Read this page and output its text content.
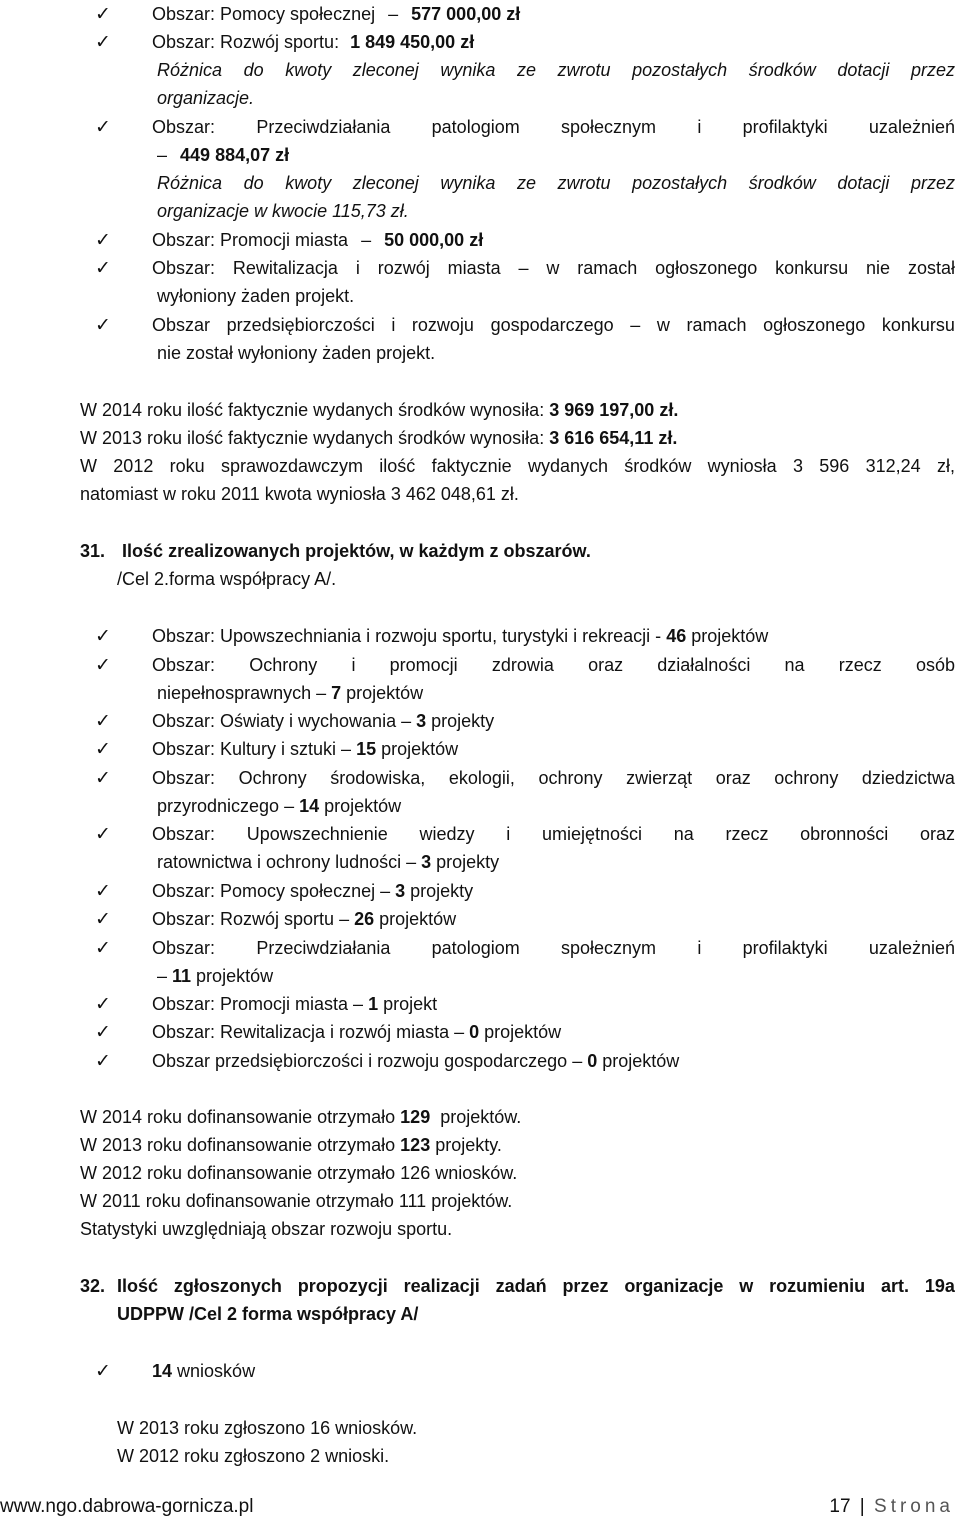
✓ Obszar: Pomocy społecznej – 577 000,00 zł
✓ Obszar: Rozwój sportu: 1 849 450,00 zł
Różnica do kwoty zleconej wynika ze zwrotu pozostałych środków dotacji przez
organizacje.
✓ Obszar: Przeciwdziałania patologiom społecznym i profilaktyki uzależnień
– 449 884,07 zł
Różnica do kwoty zleconej wynika ze zwrotu pozostałych środków dotacji przez
organizacje w kwocie 115,73 zł.
✓ Obszar: Promocji miasta – 50 000,00 zł
✓ Obszar: Rewitalizacja i rozwój miasta – w ramach ogłoszonego konkursu nie został
wyłoniony żaden projekt.
✓ Obszar przedsiębiorczości i rozwoju gospodarczego – w ramach ogłoszonego konkursu
nie został wyłoniony żaden projekt.
W 2014 roku ilość faktycznie wydanych środków wynosiła: 3 969 197,00 zł.
W 2013 roku ilość faktycznie wydanych środków wynosiła: 3 616 654,11 zł.
W 2012 roku sprawozdawczym ilość faktycznie wydanych środków wyniosła 3 596 312,24 zł,
natomiast w roku 2011 kwota wyniosła 3 462 048,61 zł.
31. Ilość zrealizowanych projektów, w każdym z obszarów.
/Cel 2.forma współpracy A/.
✓ Obszar: Upowszechniania i rozwoju sportu, turystyki i rekreacji - 46 projektów
✓ Obszar: Ochrony i promocji zdrowia oraz działalności na rzecz osób
niepełnosprawnych – 7 projektów
✓ Obszar: Oświaty i wychowania – 3 projekty
✓ Obszar: Kultury i sztuki – 15 projektów
✓ Obszar: Ochrony środowiska, ekologii, ochrony zwierząt oraz ochrony dziedzictwa
przyrodniczego – 14 projektów
✓ Obszar: Upowszechnienie wiedzy i umiejętności na rzecz obronności oraz
ratownictwa i ochrony ludności – 3 projekty
✓ Obszar: Pomocy społecznej – 3 projekty
✓ Obszar: Rozwój sportu – 26 projektów
✓ Obszar: Przeciwdziałania patologiom społecznym i profilaktyki uzależnień
– 11 projektów
✓ Obszar: Promocji miasta – 1 projekt
✓ Obszar: Rewitalizacja i rozwój miasta – 0 projektów
✓ Obszar przedsiębiorczości i rozwoju gospodarczego – 0 projektów
W 2014 roku dofinansowanie otrzymało 129  projektów.
W 2013 roku dofinansowanie otrzymało 123 projekty.
W 2012 roku dofinansowanie otrzymało 126 wniosków.
W 2011 roku dofinansowanie otrzymało 111 projektów.
Statystyki uwzględniają obszar rozwoju sportu.
32. Ilość zgłoszonych propozycji realizacji zadań przez organizacje w rozumieniu art. 19a
UDPPW /Cel 2 forma współpracy A/
✓ 14 wniosków
W 2013 roku zgłoszono 16 wniosków.
W 2012 roku zgłoszono 2 wnioski.
www.ngo.dabrowa-gornicza.pl	17 | Strona
